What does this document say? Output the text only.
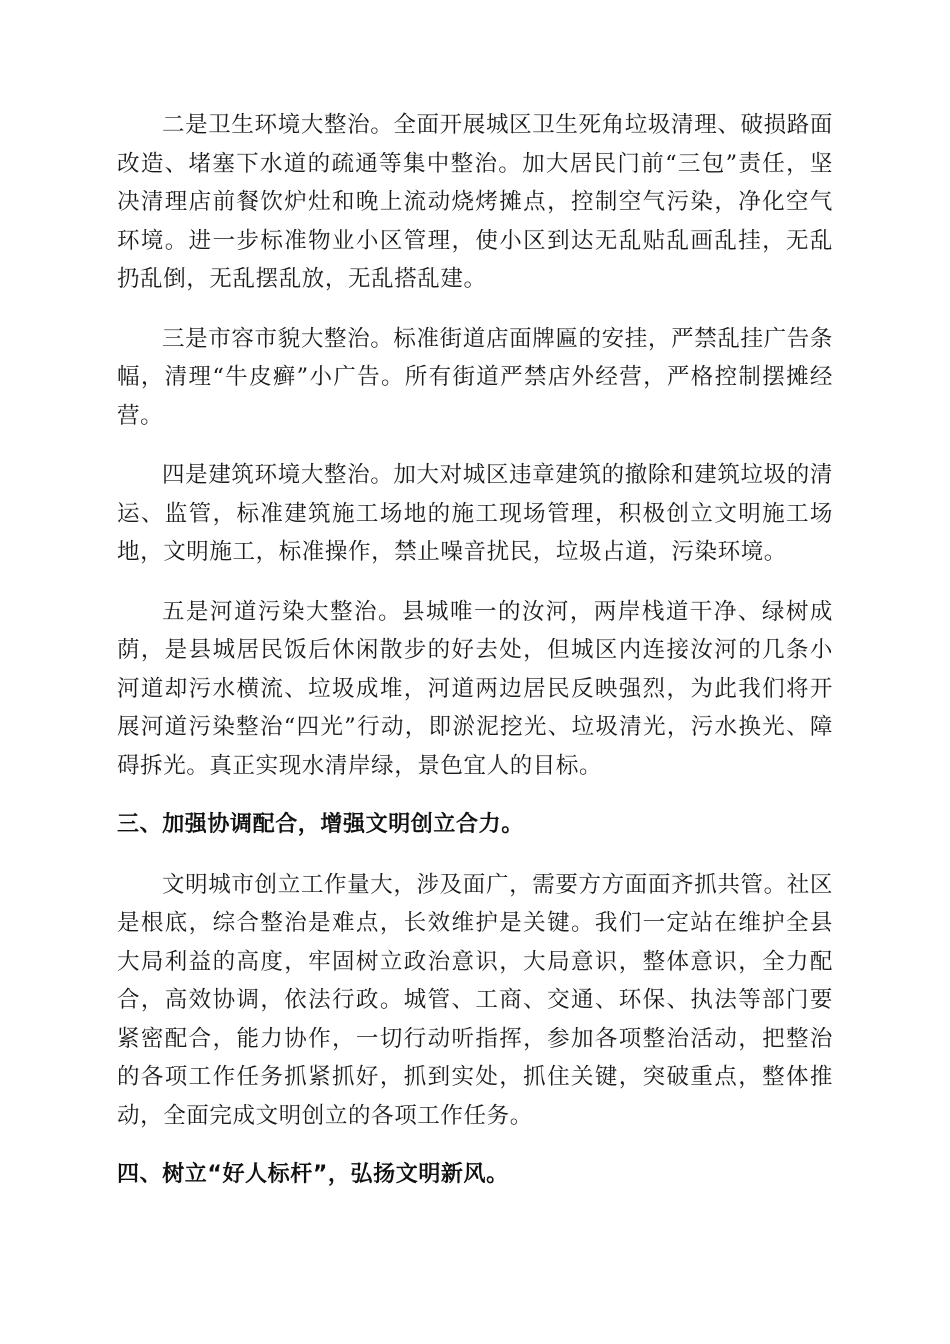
二是卫生环境大整治。全面开展城区卫生死角垃圾清理、破损路面改造、堵塞下水道的疏通等集中整治。加大居民门前“三包”责任，坚决清理店前餐饮炉灶和晚上流动烧烤摊点，控制空气污染，净化空气环境。进一步标准物业小区管理，使小区到达无乱贴乱画乱挂，无乱扔乱倒，无乱摆乱放，无乱搭乱建。

三是市容市貌大整治。标准街道店面牌匾的安挂，严禁乱挂广告条幅，清理“牛皮癣”小广告。所有街道严禁店外经营，严格控制摆摊经营。

四是建筑环境大整治。加大对城区违章建筑的撤除和建筑垃圾的清运、监管，标准建筑施工场地的施工现场管理，积极创立文明施工场地，文明施工，标准操作，禁止噪音扰民，垃圾占道，污染环境。

五是河道污染大整治。县城唯一的汝河，两岸栈道干净、绿树成荫，是县城居民饭后休闲散步的好去处，但城区内连接汝河的几条小河道却污水横流、垃圾成堆，河道两边居民反映强烈，为此我们将开展河道污染整治“四光”行动，即淤泥挖光、垃圾清光，污水换光、障碍拆光。真正实现水清岸绿，景色宜人的目标。

三、加强协调配合，增强文明创立合力。

文明城市创立工作量大，涉及面广，需要方方面面齐抓共管。社区是根底，综合整治是难点，长效维护是关键。我们一定站在维护全县大局利益的高度，牢固树立政治意识，大局意识，整体意识，全力配合，高效协调，依法行政。城管、工商、交通、环保、执法等部门要紧密配合，能力协作，一切行动听指挥，参加各项整治活动，把整治的各项工作任务抓紧抓好，抓到实处，抓住关键，突破重点，整体推动，全面完成文明创立的各项工作任务。

四、树立“好人标杆”，弘扬文明新风。
